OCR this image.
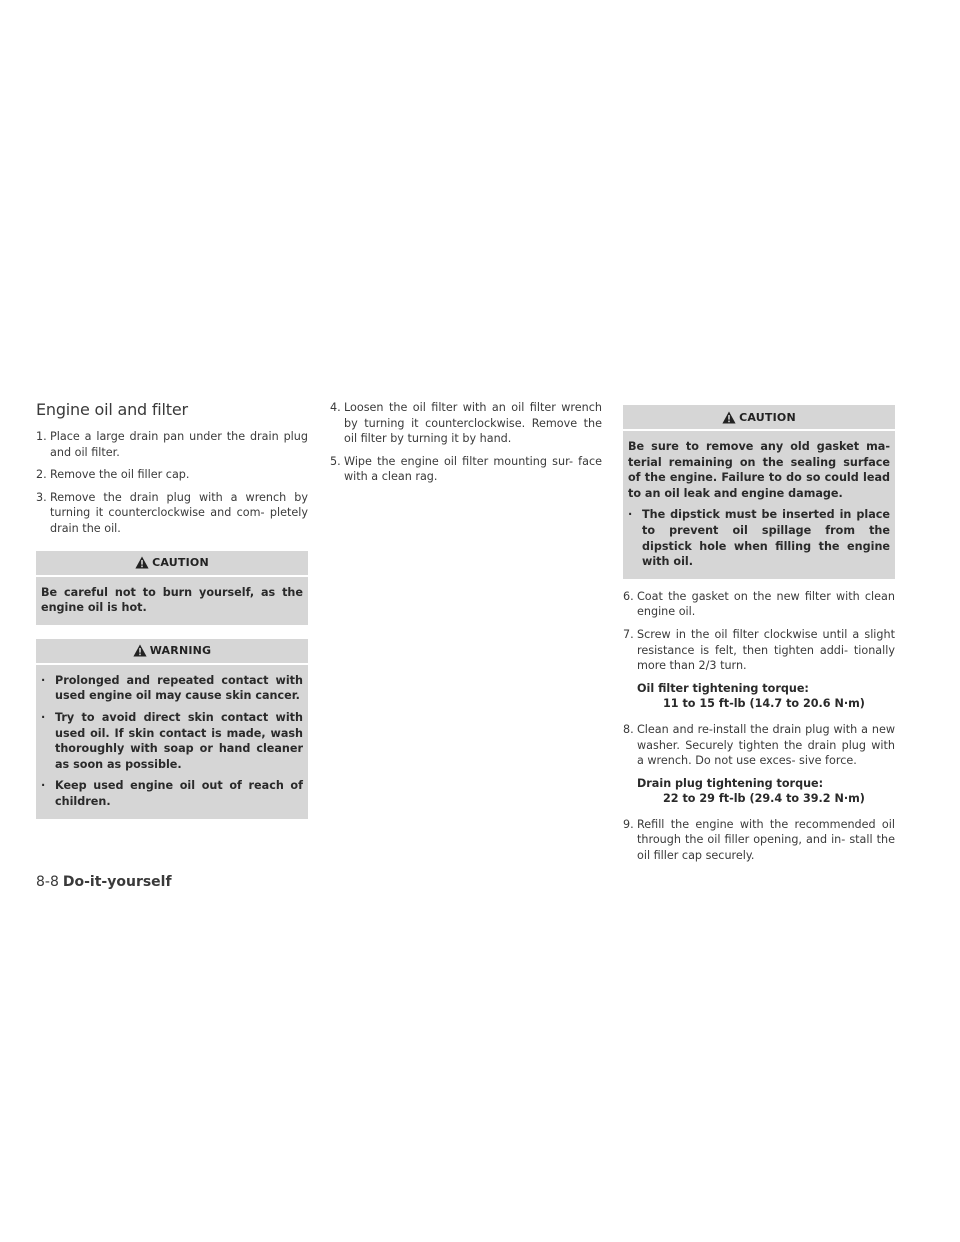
Engine oil and filter

1. Place a large drain pan under the drain plug and oil filter.

2. Remove the oil filler cap.

3. Remove the drain plug with a wrench by turning it counterclockwise and com- pletely drain the oil.

CAUTION

Be careful not to burn yourself, as the engine oil is hot.

WARNING

· Prolonged and repeated contact with used engine oil may cause skin cancer.

· Try to avoid direct skin contact with used oil. If skin contact is made, wash thoroughly with soap or hand cleaner as soon as possible.

· Keep used engine oil out of reach of children.

4. Loosen the oil filter with an oil filter wrench by turning it counterclockwise. Remove the oil filter by turning it by hand.

5. Wipe the engine oil filter mounting sur- face with a clean rag.

CAUTION

Be sure to remove any old gasket ma- terial remaining on the sealing surface of the engine. Failure to do so could lead to an oil leak and engine damage.

· The dipstick must be inserted in place to prevent oil spillage from the dipstick hole when filling the engine with oil.

6. Coat the gasket on the new filter with clean engine oil.

7. Screw in the oil filter clockwise until a slight resistance is felt, then tighten addi- tionally more than 2/3 turn.

Oil filter tightening torque:
11 to 15 ft-lb (14.7 to 20.6 N·m)

8. Clean and re-install the drain plug with a new washer. Securely tighten the drain plug with a wrench. Do not use exces- sive force.

Drain plug tightening torque:
22 to 29 ft-lb (29.4 to 39.2 N·m)

9. Refill the engine with the recommended oil through the oil filler opening, and in- stall the oil filler cap securely.

8-8 Do-it-yourself
